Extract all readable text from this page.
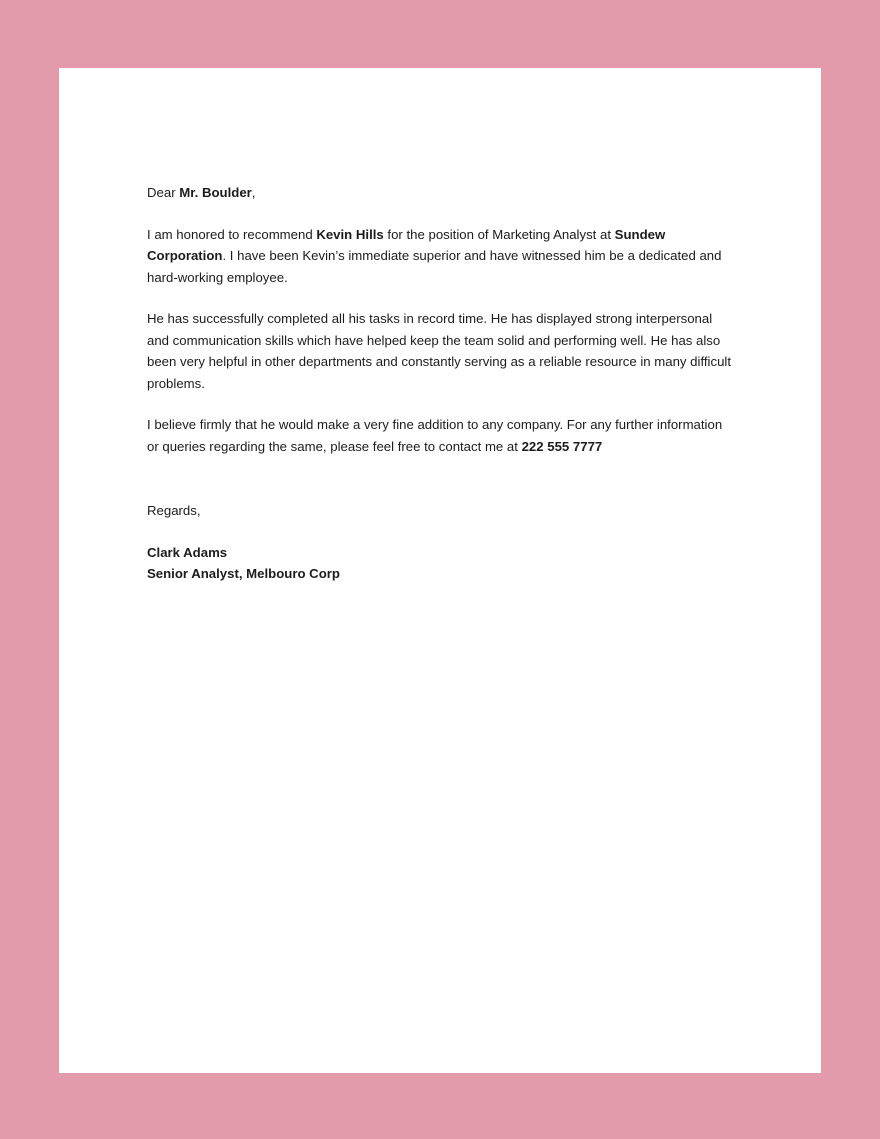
Dear Mr. Boulder,

I am honored to recommend Kevin Hills for the position of Marketing Analyst at Sundew Corporation. I have been Kevin’s immediate superior and have witnessed him be a dedicated and hard-working employee.

He has successfully completed all his tasks in record time. He has displayed strong interpersonal and communication skills which have helped keep the team solid and performing well. He has also been very helpful in other departments and constantly serving as a reliable resource in many difficult problems.

I believe firmly that he would make a very fine addition to any company. For any further information or queries regarding the same, please feel free to contact me at 222 555 7777

Regards,

Clark Adams

Senior Analyst, Melbouro Corp
